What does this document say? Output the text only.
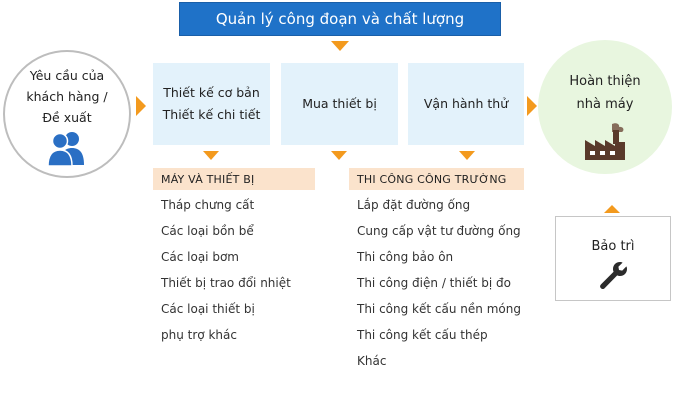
Quản lý công đoạn và chất lượng
Yêu cầu của
khách hàng /
Đề xuất
Thiết kế cơ bản
Thiết kế chi tiết
Mua thiết bị	Vận hành thử
Hoàn thiện
nhà máy
MÁY VÀ THIẾT BỊ
Tháp chưng cất
Các loại bồn bể
Các loại bơm
Thiết bị trao đổi nhiệt
Các loại thiết bị
phụ trợ khác
THI CÔNG CÔNG TRƯỜNG
Lắp đặt đường ống
Cung cấp vật tư đường ống
Thi công bảo ôn
Thi công điện / thiết bị đo
Thi công kết cấu nền móng
Thi công kết cấu thép
Khác
Bảo trì
